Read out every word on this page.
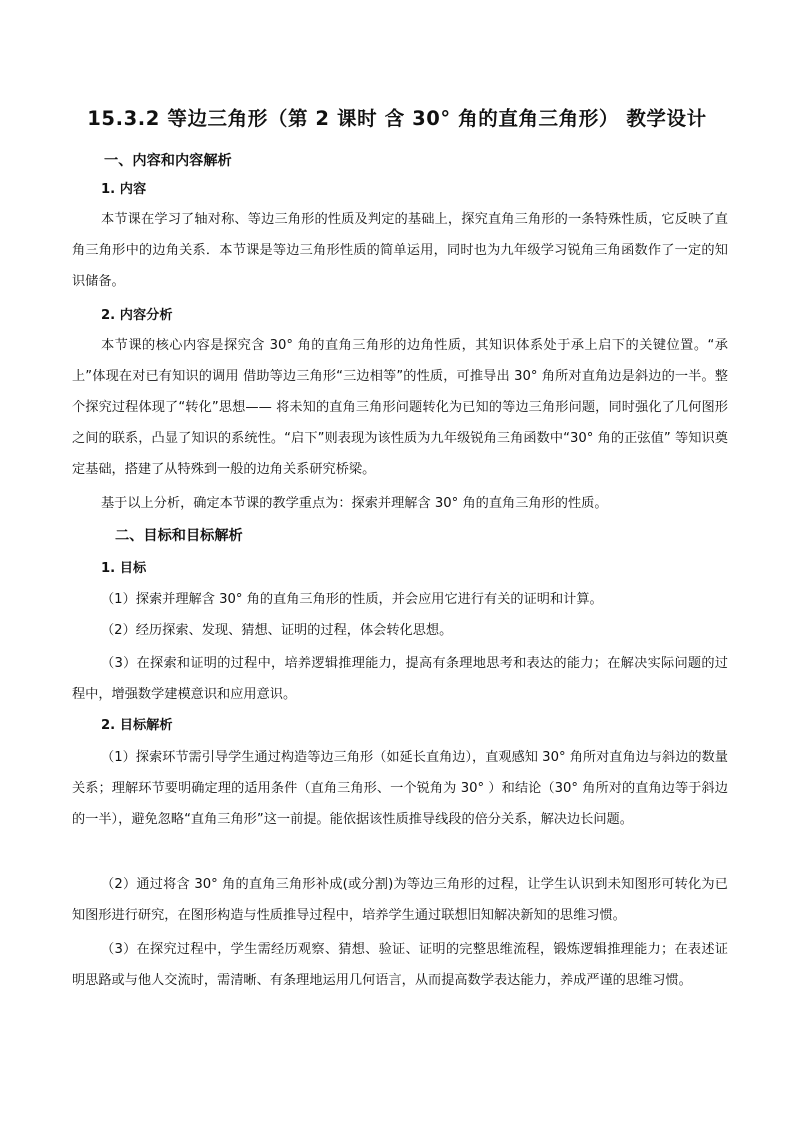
15.3.2 等边三角形（第 2 课时 含 30° 角的直角三角形） 教学设计
一、内容和内容解析
1. 内容
本节课在学习了轴对称、等边三角形的性质及判定的基础上，探究直角三角形的一条特殊性质，它反映了直角三角形中的边角关系．本节课是等边三角形性质的简单运用，同时也为九年级学习锐角三角函数作了一定的知识储备。
2. 内容分析
本节课的核心内容是探究含 30° 角的直角三角形的边角性质，其知识体系处于承上启下的关键位置。“承上”体现在对已有知识的调用 借助等边三角形“三边相等”的性质，可推导出 30° 角所对直角边是斜边的一半。整个探究过程体现了“转化”思想—— 将未知的直角三角形问题转化为已知的等边三角形问题，同时强化了几何图形之间的联系，凸显了知识的系统性。“启下”则表现为该性质为九年级锐角三角函数中“30° 角的正弦值” 等知识奠定基础，搭建了从特殊到一般的边角关系研究桥梁。
基于以上分析，确定本节课的教学重点为：探索并理解含 30° 角的直角三角形的性质。
二、目标和目标解析
1. 目标
（1）探索并理解含 30° 角的直角三角形的性质，并会应用它进行有关的证明和计算。
（2）经历探索、发现、猜想、证明的过程，体会转化思想。
（3）在探索和证明的过程中，培养逻辑推理能力，提高有条理地思考和表达的能力；在解决实际问题的过程中，增强数学建模意识和应用意识。
2. 目标解析
（1）探索环节需引导学生通过构造等边三角形（如延长直角边），直观感知 30° 角所对直角边与斜边的数量关系；理解环节要明确定理的适用条件（直角三角形、一个锐角为 30° ）和结论（30° 角所对的直角边等于斜边的一半），避免忽略“直角三角形”这一前提。能依据该性质推导线段的倍分关系，解决边长问题。
（2）通过将含 30° 角的直角三角形补成(或分割)为等边三角形的过程，让学生认识到未知图形可转化为已知图形进行研究，在图形构造与性质推导过程中，培养学生通过联想旧知解决新知的思维习惯。
（3）在探究过程中，学生需经历观察、猜想、验证、证明的完整思维流程，锻炼逻辑推理能力；在表述证明思路或与他人交流时，需清晰、有条理地运用几何语言，从而提高数学表达能力，养成严谨的思维习惯。
